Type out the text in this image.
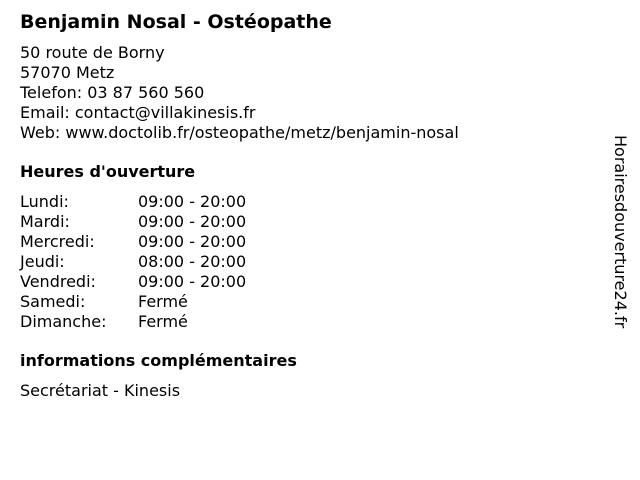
Benjamin Nosal - Ostéopathe
50 route de Borny
57070 Metz
Telefon: 03 87 560 560
Email: contact@villakinesis.fr
Web: www.doctolib.fr/osteopathe/metz/benjamin-nosal
Heures d'ouverture
Lundi:	09:00 - 20:00
Mardi:	09:00 - 20:00
Mercredi:	09:00 - 20:00
Jeudi:	08:00 - 20:00
Vendredi:	09:00 - 20:00
Samedi:	Fermé
Dimanche:	Fermé
informations complémentaires
Secrétariat - Kinesis
Horairesdouverture24.fr
